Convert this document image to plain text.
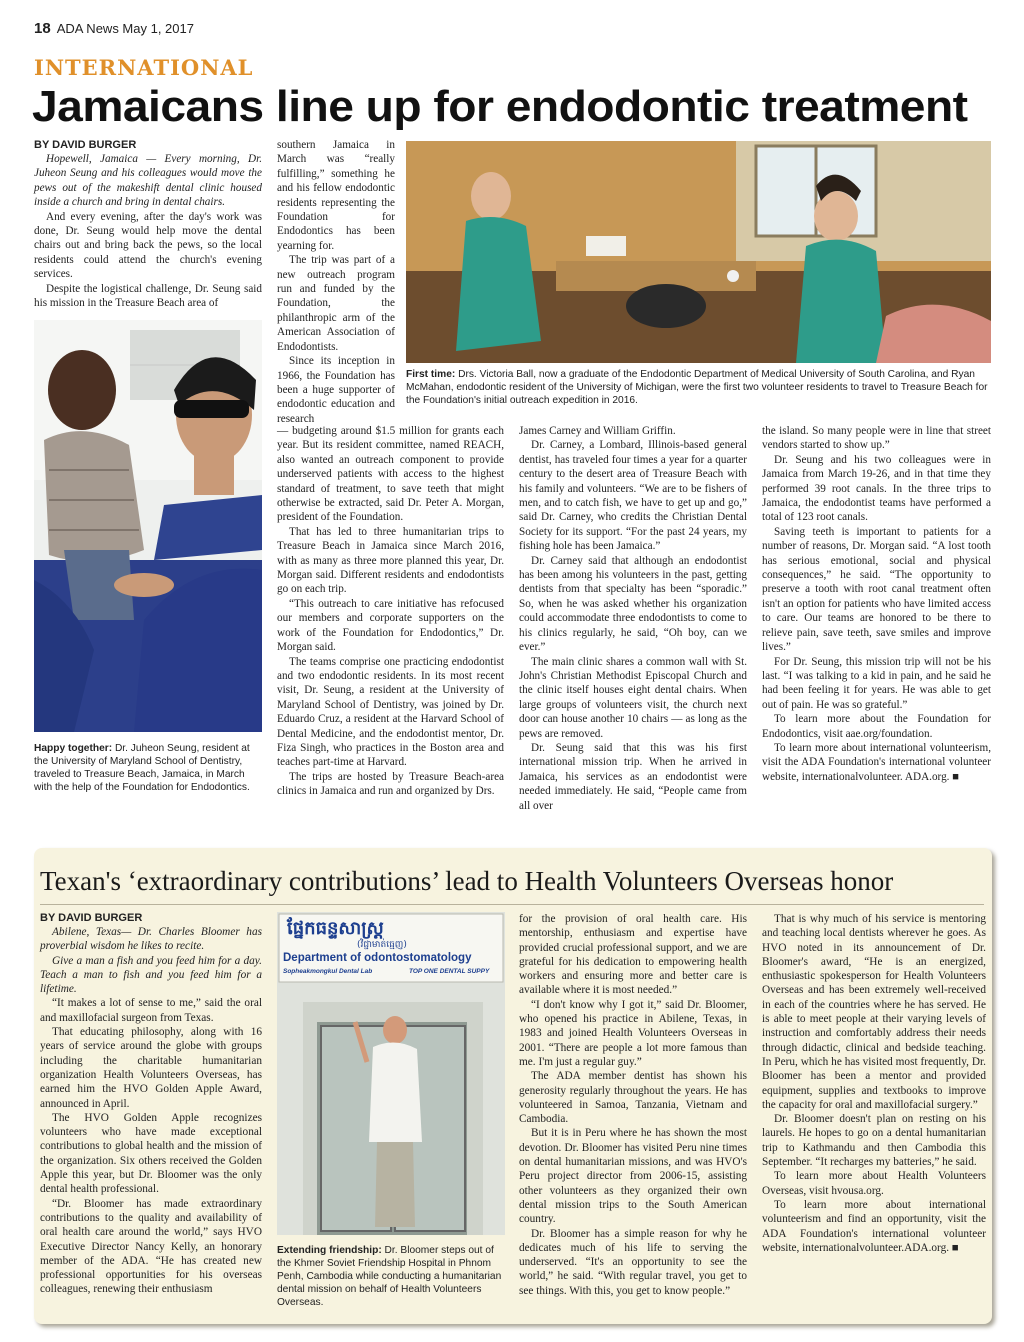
18 ADA News May 1, 2017
INTERNATIONAL
Jamaicans line up for endodontic treatment
BY DAVID BURGER

Hopewell, Jamaica — Every morning, Dr. Juheon Seung and his colleagues would move the pews out of the makeshift dental clinic housed inside a church and bring in dental chairs.

And every evening, after the day's work was done, Dr. Seung would help move the dental chairs out and bring back the pews, so the local residents could attend the church's evening services.

Despite the logistical challenge, Dr. Seung said his mission in the Treasure Beach area of

Happy together: Dr. Juheon Seung, resident at the University of Maryland School of Dentistry, traveled to Treasure Beach, Jamaica, in March with the help of the Foundation for Endodontics.

southern Jamaica in March was “really fulfilling,” something he and his fellow endodontic residents representing the Foundation for Endodontics has been yearning for.

The trip was part of a new outreach program run and funded by the Foundation, the philanthropic arm of the American Association of Endodontists.

Since its inception in 1966, the Foundation has been a huge supporter of endodontic education and research

First time: Drs. Victoria Ball, now a graduate of the Endodontic Department of Medical University of South Carolina, and Ryan McMahan, endodontic resident of the University of Michigan, were the first two volunteer residents to travel to Treasure Beach for the Foundation's initial outreach expedition in 2016.

— budgeting around $1.5 million for grants each year. But its resident committee, named REACH, also wanted an outreach component to provide underserved patients with access to the highest standard of treatment, to save teeth that might otherwise be extracted, said Dr. Peter A. Morgan, president of the Foundation.

That has led to three humanitarian trips to Treasure Beach in Jamaica since March 2016, with as many as three more planned this year, Dr. Morgan said. Different residents and endodontists go on each trip.

“This outreach to care initiative has refocused our members and corporate supporters on the work of the Foundation for Endodontics,” Dr. Morgan said.

The teams comprise one practicing endodontist and two endodontic residents. In its most recent visit, Dr. Seung, a resident at the University of Maryland School of Dentistry, was joined by Dr. Eduardo Cruz, a resident at the Harvard School of Dental Medicine, and the endodontist mentor, Dr. Fiza Singh, who practices in the Boston area and teaches part-time at Harvard.

The trips are hosted by Treasure Beach-area clinics in Jamaica and run and organized by Drs.

James Carney and William Griffin.

Dr. Carney, a Lombard, Illinois-based general dentist, has traveled four times a year for a quarter century to the desert area of Treasure Beach with his family and volunteers. “We are to be fishers of men, and to catch fish, we have to get up and go,” said Dr. Carney, who credits the Christian Dental Society for its support. “For the past 24 years, my fishing hole has been Jamaica.”

Dr. Carney said that although an endodontist has been among his volunteers in the past, getting dentists from that specialty has been “sporadic.” So, when he was asked whether his organization could accommodate three endodontists to come to his clinics regularly, he said, “Oh boy, can we ever.”

The main clinic shares a common wall with St. John's Christian Methodist Episcopal Church and the clinic itself houses eight dental chairs. When large groups of volunteers visit, the church next door can house another 10 chairs — as long as the pews are removed.

Dr. Seung said that this was his first international mission trip. When he arrived in Jamaica, his services as an endodontist were needed immediately. He said, “People came from all over

the island. So many people were in line that street vendors started to show up.”

Dr. Seung and his two colleagues were in Jamaica from March 19-26, and in that time they performed 39 root canals. In the three trips to Jamaica, the endodontist teams have performed a total of 123 root canals.

Saving teeth is important to patients for a number of reasons, Dr. Morgan said. “A lost tooth has serious emotional, social and physical consequences,” he said. “The opportunity to preserve a tooth with root canal treatment often isn't an option for patients who have limited access to care. Our teams are honored to be there to relieve pain, save teeth, save smiles and improve lives.”

For Dr. Seung, this mission trip will not be his last. “I was talking to a kid in pain, and he said he had been feeling it for years. He was able to get out of pain. He was so grateful.”

To learn more about the Foundation for Endodontics, visit aae.org/foundation.

To learn more about international volunteerism, visit the ADA Foundation's international volunteer website, internationalvolunteer. ADA.org. ■

Texan's ‘extraordinary contributions’ lead to Health Volunteers Overseas honor
BY DAVID BURGER

Abilene, Texas— Dr. Charles Bloomer has proverbial wisdom he likes to recite.

Give a man a fish and you feed him for a day. Teach a man to fish and you feed him for a lifetime.

“It makes a lot of sense to me,” said the oral and maxillofacial surgeon from Texas.

That educating philosophy, along with 16 years of service around the globe with groups including the charitable humanitarian organization Health Volunteers Overseas, has earned him the HVO Golden Apple Award, announced in April.

The HVO Golden Apple recognizes volunteers who have made exceptional contributions to global health and the mission of the organization. Six others received the Golden Apple this year, but Dr. Bloomer was the only dental health professional.

“Dr. Bloomer has made extraordinary contributions to the quality and availability of oral health care around the world,” says HVO Executive Director Nancy Kelly, an honorary member of the ADA. “He has created new professional opportunities for his overseas colleagues, renewing their enthusiasm

ផ្នែកធន្ទសាស្ត្រ
(វិជ្ជាមាត់ធ្មេញ)
Department of odontostomatology
Sopheakmongkul Dental Lab	TOP ONE DENTAL SUPPY
Extending friendship: Dr. Bloomer steps out of the Khmer Soviet Friendship Hospital in Phnom Penh, Cambodia while conducting a humanitarian dental mission on behalf of Health Volunteers Overseas.

for the provision of oral health care. His mentorship, enthusiasm and expertise have provided crucial professional support, and we are grateful for his dedication to empowering health workers and ensuring more and better care is available where it is most needed.”

“I don't know why I got it,” said Dr. Bloomer, who opened his practice in Abilene, Texas, in 1983 and joined Health Volunteers Overseas in 2001. “There are people a lot more famous than me. I'm just a regular guy.”

The ADA member dentist has shown his generosity regularly throughout the years. He has volunteered in Samoa, Tanzania, Vietnam and Cambodia.

But it is in Peru where he has shown the most devotion. Dr. Bloomer has visited Peru nine times on dental humanitarian missions, and was HVO's Peru project director from 2006-15, assisting other volunteers as they organized their own dental mission trips to the South American country.

Dr. Bloomer has a simple reason for why he dedicates much of his life to serving the underserved. “It's an opportunity to see the world,” he said. “With regular travel, you get to see things. With this, you get to know people.”

That is why much of his service is mentoring and teaching local dentists wherever he goes. As HVO noted in its announcement of Dr. Bloomer's award, “He is an energized, enthusiastic spokesperson for Health Volunteers Overseas and has been extremely well-received in each of the countries where he has served. He is able to meet people at their varying levels of instruction and comfortably address their needs through didactic, clinical and bedside teaching. In Peru, which he has visited most frequently, Dr. Bloomer has been a mentor and provided equipment, supplies and textbooks to improve the capacity for oral and maxillofacial surgery.”

Dr. Bloomer doesn't plan on resting on his laurels. He hopes to go on a dental humanitarian trip to Kathmandu and then Cambodia this September. “It recharges my batteries,” he said.

To learn more about Health Volunteers Overseas, visit hvousa.org.

To learn more about international volunteerism and find an opportunity, visit the ADA Foundation's international volunteer website, internationalvolunteer.ADA.org. ■
